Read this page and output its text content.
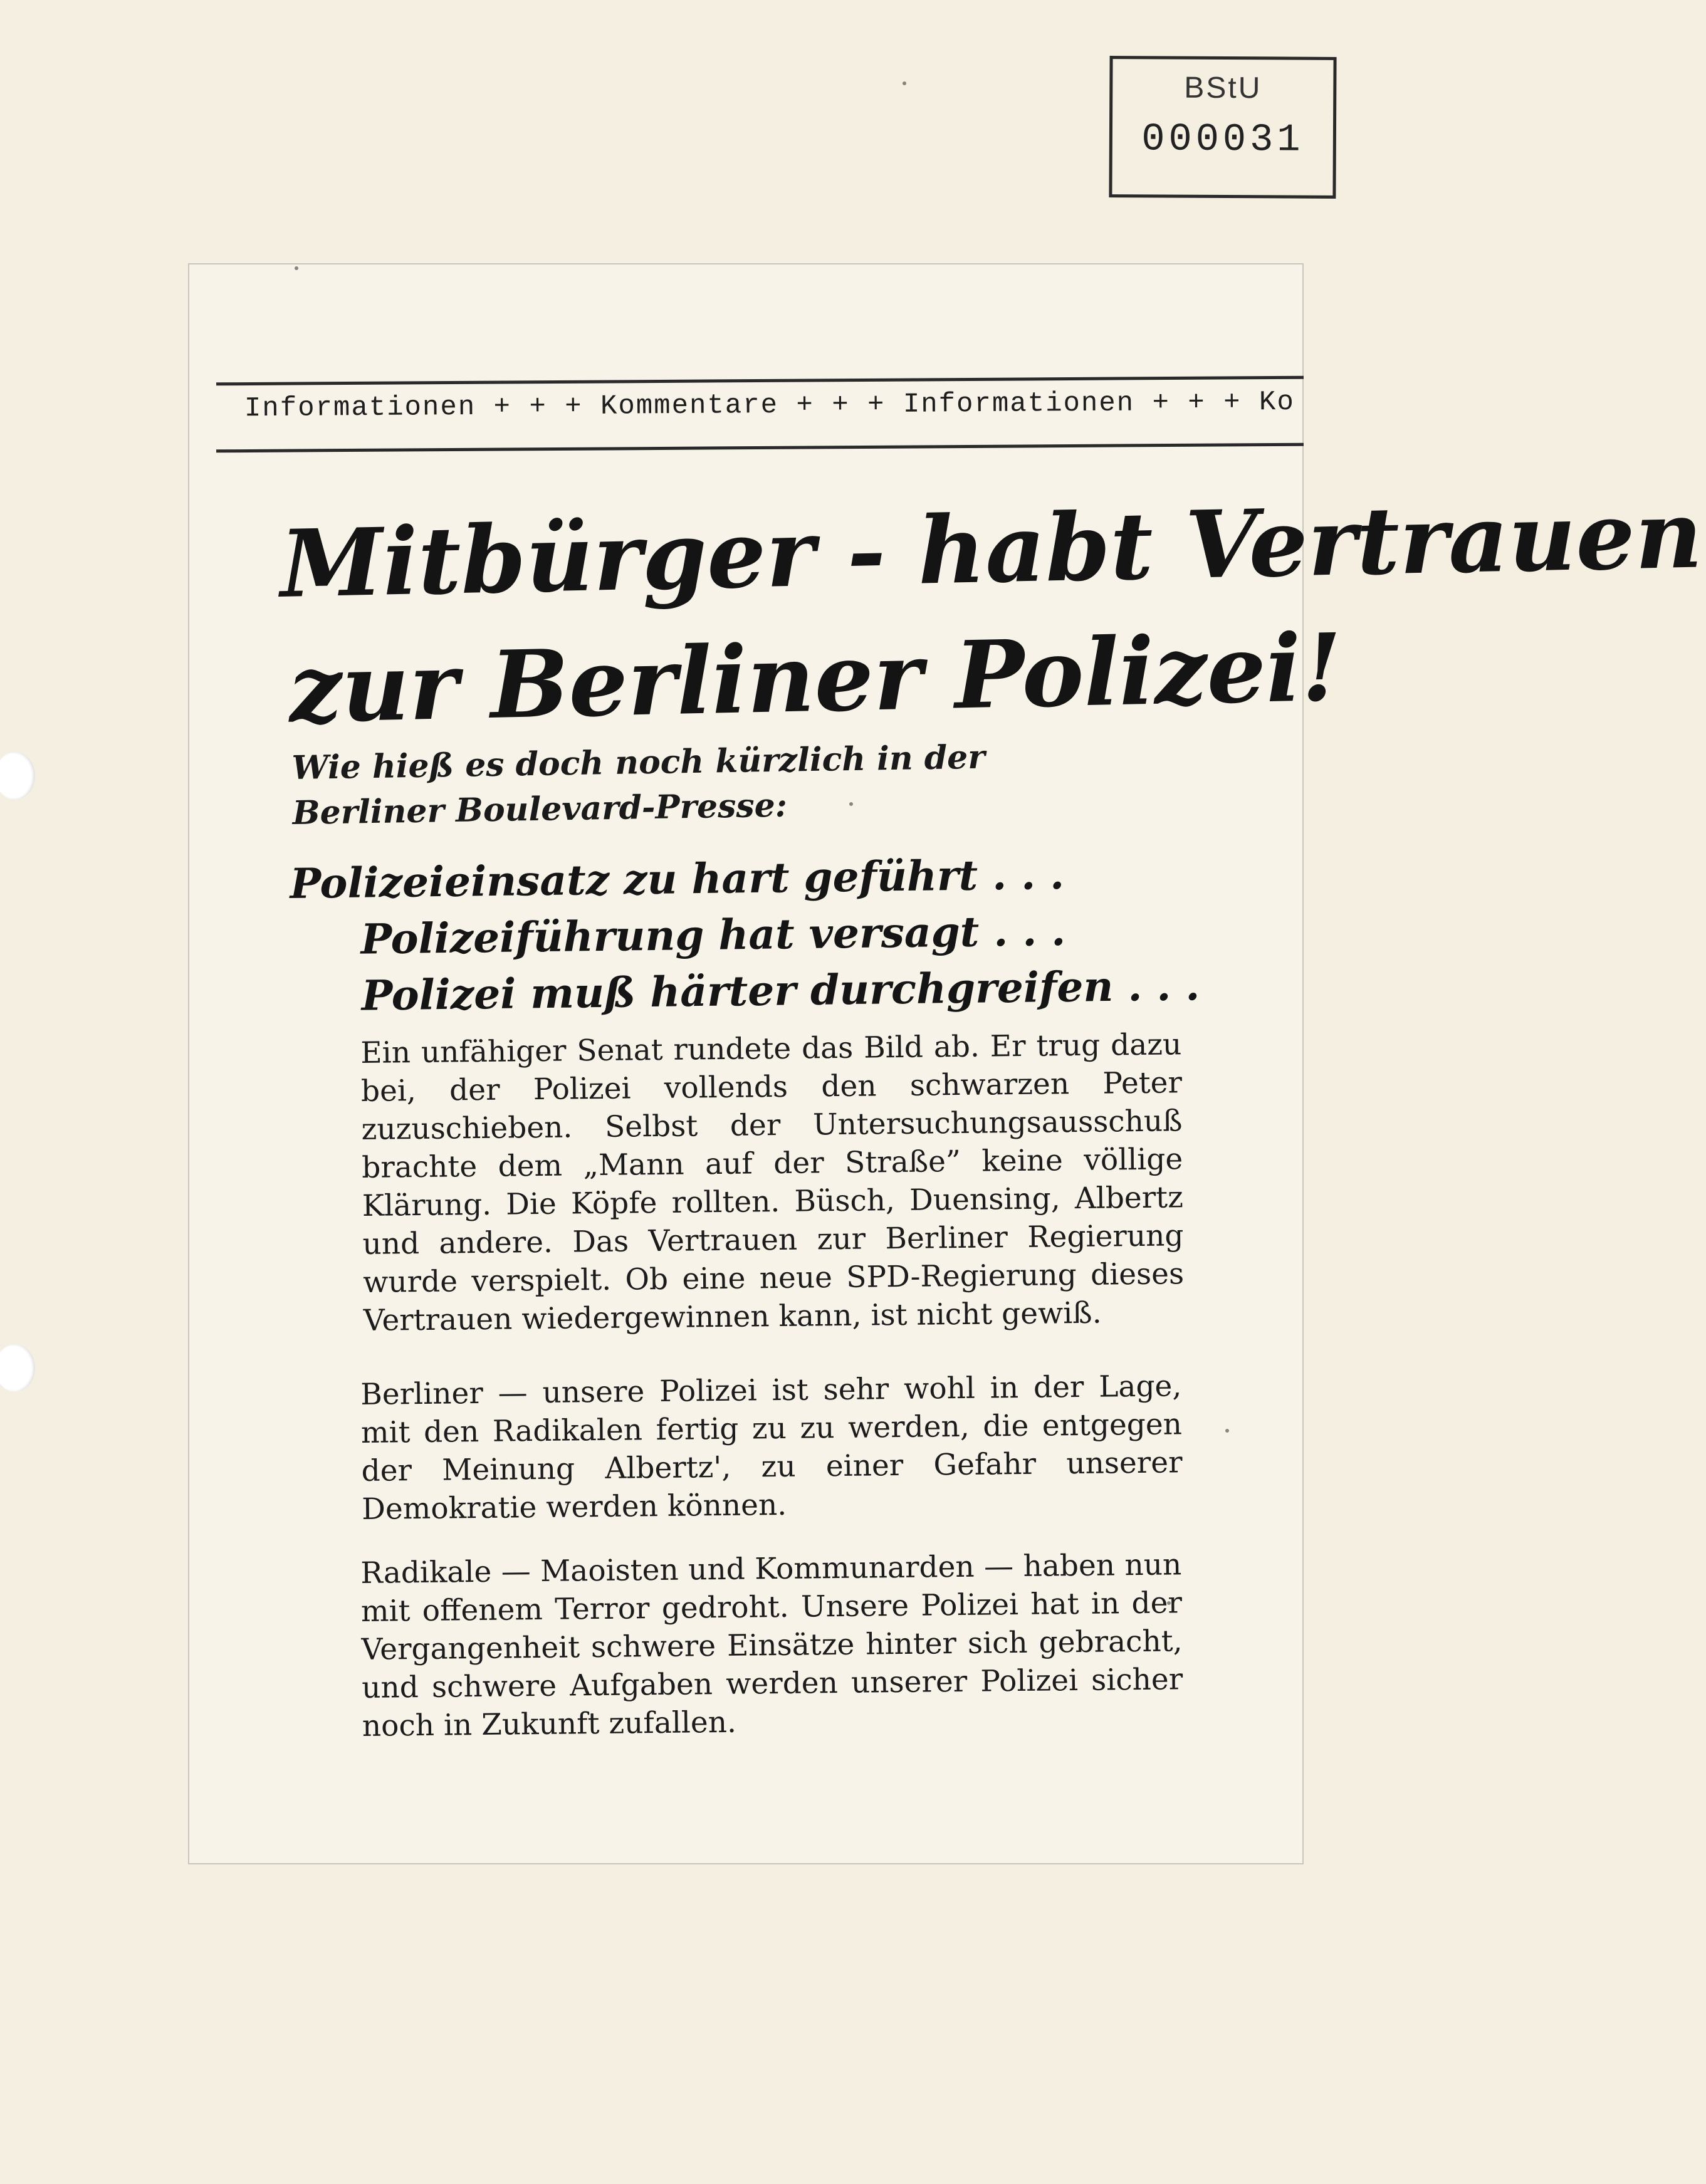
BStU
000031
Informationen + + + Kommentare + + + Informationen + + + Ko
Mitbürger - habt Vertrauen
zur Berliner Polizei!
Wie hieß es doch noch kürzlich in der
Berliner Boulevard-Presse:
Polizeieinsatz zu hart geführt . . .
Polizeiführung hat versagt . . .
Polizei muß härter durchgreifen . . .
Ein unfähiger Senat rundete das Bild ab. Er trug dazu bei, der Polizei vollends den schwarzen Peter zuzuschieben. Selbst der Untersuchungsausschuß brachte dem „Mann auf der Straße” keine völlige Klärung. Die Köpfe rollten. Büsch, Duensing, Albertz und andere. Das Vertrauen zur Berliner Regierung wurde verspielt. Ob eine neue SPD-Regierung dieses Vertrauen wiedergewinnen kann, ist nicht gewiß.
Berliner — unsere Polizei ist sehr wohl in der Lage, mit den Radikalen fertig zu zu werden, die entgegen der Meinung Albertz', zu einer Gefahr unserer Demokratie werden können.
Radikale — Maoisten und Kommunarden — haben nun mit offenem Terror gedroht. Unsere Polizei hat in der Vergangenheit schwere Einsätze hinter sich gebracht, und schwere Aufgaben werden unserer Polizei sicher noch in Zukunft zufallen.
